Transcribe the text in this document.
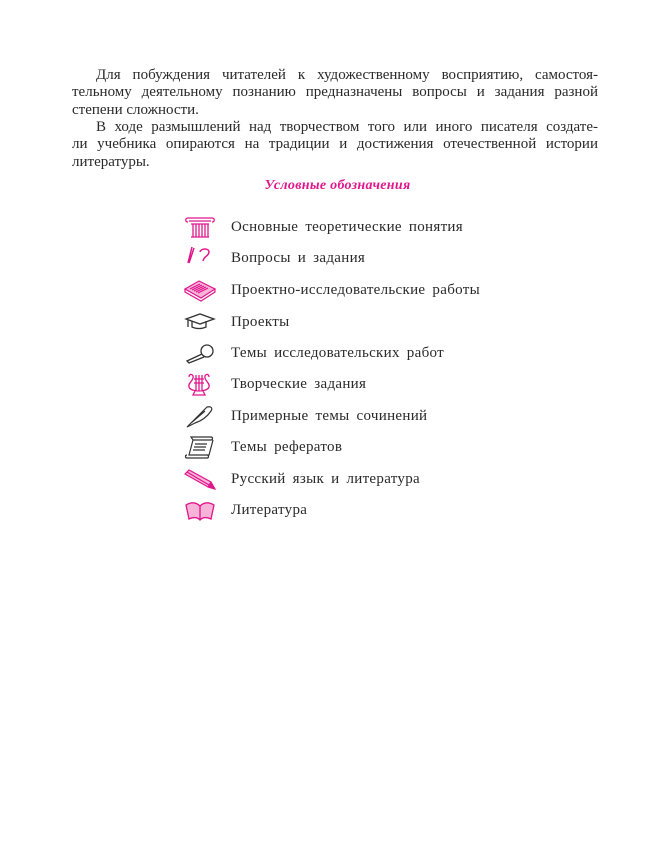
Для побуждения читателей к художественному восприятию, самостоя-
тельному деятельному познанию предназначены вопросы и задания разной
степени сложности.
В ходе размышлений над творчеством того или иного писателя создате-
ли учебника опираются на традиции и достижения отечественной истории
литературы.
Условные обозначения
Основные теоретические понятия
Вопросы и задания
Проектно-исследовательские работы
Проекты
Темы исследовательских работ
Творческие задания
Примерные темы сочинений
Темы рефератов
Русский язык и литература
Литература
